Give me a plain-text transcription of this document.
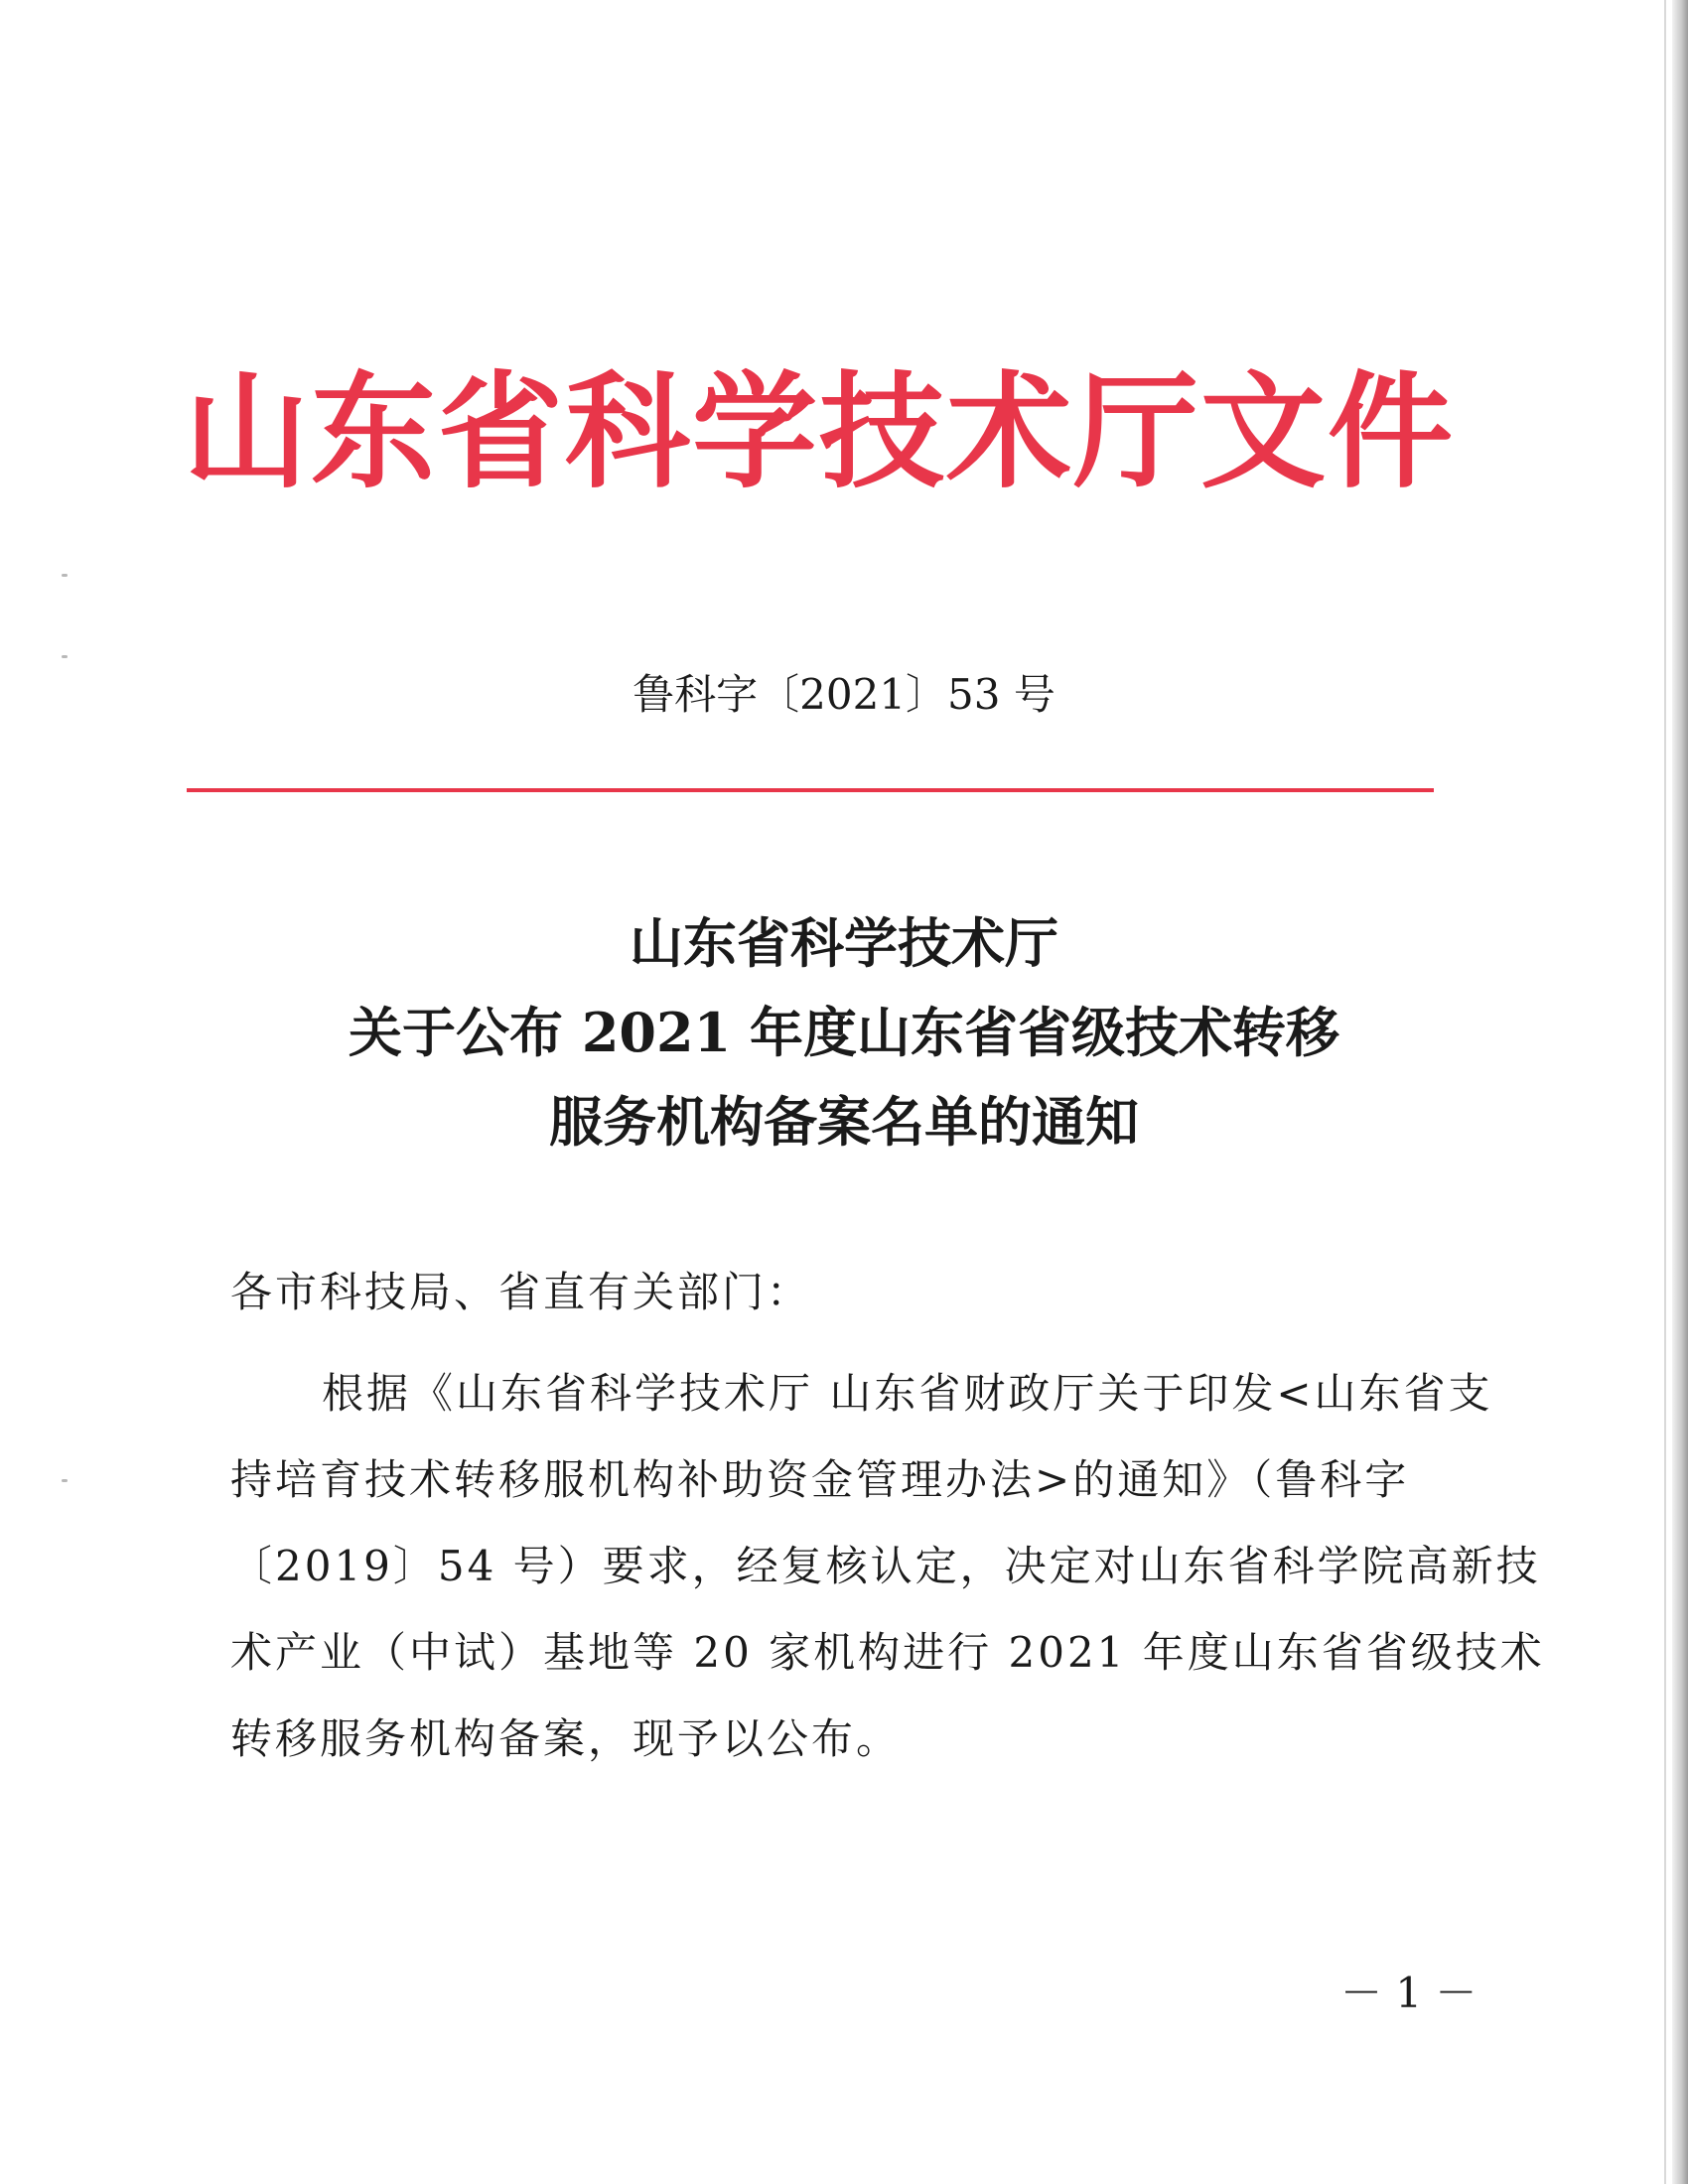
山东省科学技术厅文件
鲁科字〔2021〕53 号
山东省科学技术厅
关于公布 2021 年度山东省省级技术转移
服务机构备案名单的通知
各市科技局、省直有关部门：
根据《山东省科学技术厅 山东省财政厅关于印发<山东省支
持培育技术转移服机构补助资金管理办法>的通知》（鲁科字
〔2019〕54 号）要求，经复核认定，决定对山东省科学院高新技
术产业（中试）基地等 20 家机构进行 2021 年度山东省省级技术
转移服务机构备案，现予以公布。
－ 1 －
